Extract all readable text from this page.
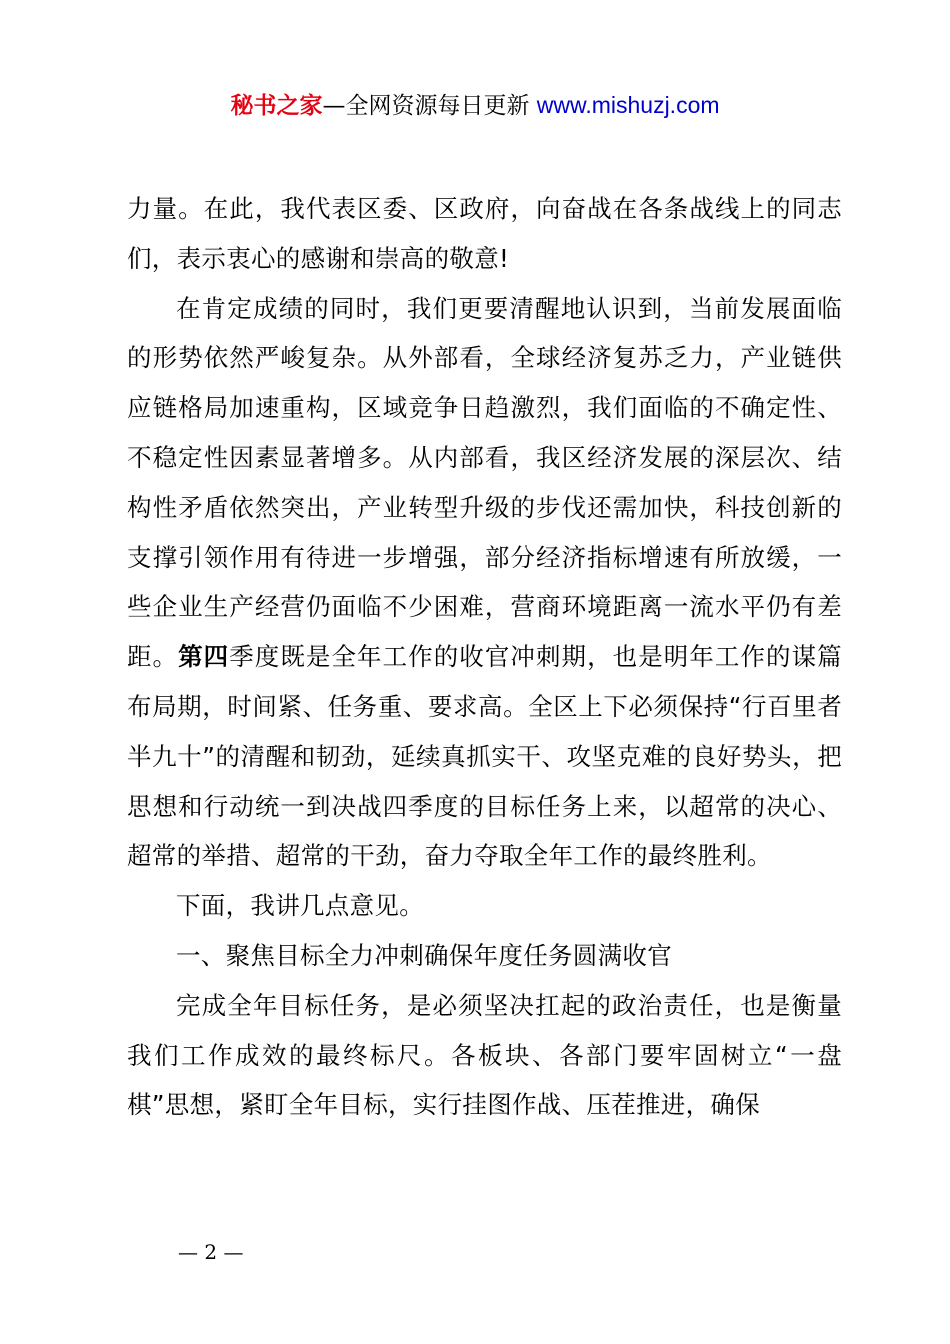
秘书之家—全网资源每日更新 www.mishuzj.com

力量。在此，我代表区委、区政府，向奋战在各条战线上的同志们，表示衷心的感谢和崇高的敬意!

在肯定成绩的同时，我们更要清醒地认识到，当前发展面临的形势依然严峻复杂。从外部看，全球经济复苏乏力，产业链供应链格局加速重构，区域竞争日趋激烈，我们面临的不确定性、不稳定性因素显著增多。从内部看，我区经济发展的深层次、结构性矛盾依然突出，产业转型升级的步伐还需加快，科技创新的支撑引领作用有待进一步增强，部分经济指标增速有所放缓，一些企业生产经营仍面临不少困难，营商环境距离一流水平仍有差距。第四季度既是全年工作的收官冲刺期，也是明年工作的谋篇布局期，时间紧、任务重、要求高。全区上下必须保持“行百里者半九十”的清醒和韧劲，延续真抓实干、攻坚克难的良好势头，把思想和行动统一到决战四季度的目标任务上来，以超常的决心、超常的举措、超常的干劲，奋力夺取全年工作的最终胜利。

下面，我讲几点意见。

一、聚焦目标全力冲刺确保年度任务圆满收官

完成全年目标任务，是必须坚决扛起的政治责任，也是衡量我们工作成效的最终标尺。各板块、各部门要牢固树立“一盘棋”思想，紧盯全年目标，实行挂图作战、压茬推进，确保

— 2 —
